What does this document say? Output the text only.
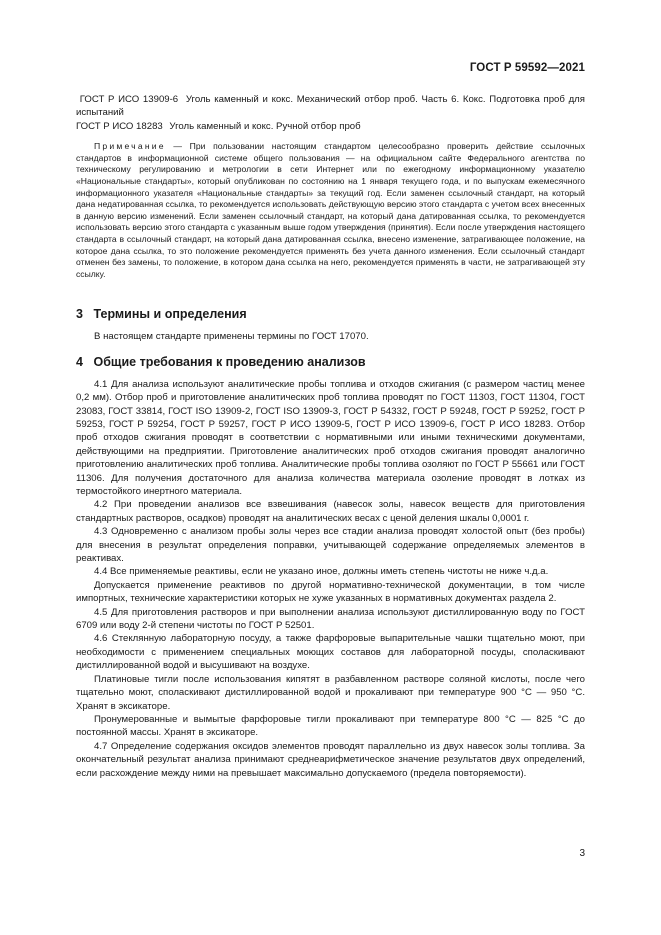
ГОСТ Р 59592—2021

ГОСТ Р ИСО 13909-6 Уголь каменный и кокс. Механический отбор проб. Часть 6. Кокс. Подготовка проб для испытаний

ГОСТ Р ИСО 18283 Уголь каменный и кокс. Ручной отбор проб

Примечание — При пользовании настоящим стандартом целесообразно проверить действие ссылочных стандартов в информационной системе общего пользования — на официальном сайте Федерального агентства по техническому регулированию и метрологии в сети Интернет или по ежегодному информационному указателю «Национальные стандарты», который опубликован по состоянию на 1 января текущего года, и по выпускам ежемесячного информационного указателя «Национальные стандарты» за текущий год. Если заменен ссылочный стандарт, на который дана недатированная ссылка, то рекомендуется использовать действующую версию этого стандарта с учетом всех внесенных в данную версию изменений. Если заменен ссылочный стандарт, на который дана датированная ссылка, то рекомендуется использовать версию этого стандарта с указанным выше годом утверждения (принятия). Если после утверждения настоящего стандарта в ссылочный стандарт, на который дана датированная ссылка, внесено изменение, затрагивающее положение, на которое дана ссылка, то это положение рекомендуется применять без учета данного изменения. Если ссылочный стандарт отменен без замены, то положение, в котором дана ссылка на него, рекомендуется применять в части, не затрагивающей эту ссылку.

3 Термины и определения

В настоящем стандарте применены термины по ГОСТ 17070.

4 Общие требования к проведению анализов

4.1 Для анализа используют аналитические пробы топлива и отходов сжигания (с размером частиц менее 0,2 мм). Отбор проб и приготовление аналитических проб топлива проводят по ГОСТ 11303, ГОСТ 11304, ГОСТ 23083, ГОСТ 33814, ГОСТ ISO 13909-2, ГОСТ ISO 13909-3, ГОСТ Р 54332, ГОСТ Р 59248, ГОСТ Р 59252, ГОСТ Р 59253, ГОСТ Р 59254, ГОСТ Р 59257, ГОСТ Р ИСО 13909-5, ГОСТ Р ИСО 13909-6, ГОСТ Р ИСО 18283. Отбор проб отходов сжигания проводят в соответствии с нормативными или иными техническими документами, действующими на предприятии. Приготовление аналитических проб отходов сжигания проводят аналогично приготовлению аналитических проб топлива. Аналитические пробы топлива озоляют по ГОСТ Р 55661 или ГОСТ 11306. Для получения достаточного для анализа количества материала озоление проводят в лотках из термостойкого инертного материала.

4.2 При проведении анализов все взвешивания (навесок золы, навесок веществ для приготовления стандартных растворов, осадков) проводят на аналитических весах с ценой деления шкалы 0,0001 г.

4.3 Одновременно с анализом пробы золы через все стадии анализа проводят холостой опыт (без пробы) для внесения в результат определения поправки, учитывающей содержание определяемых элементов в реактивах.

4.4 Все применяемые реактивы, если не указано иное, должны иметь степень чистоты не ниже ч.д.а.

Допускается применение реактивов по другой нормативно-технической документации, в том числе импортных, технические характеристики которых не хуже указанных в нормативных документах раздела 2.

4.5 Для приготовления растворов и при выполнении анализа используют дистиллированную воду по ГОСТ 6709 или воду 2-й степени чистоты по ГОСТ Р 52501.

4.6 Стеклянную лабораторную посуду, а также фарфоровые выпарительные чашки тщательно моют, при необходимости с применением специальных моющих составов для лабораторной посуды, споласкивают дистиллированной водой и высушивают на воздухе.

Платиновые тигли после использования кипятят в разбавленном растворе соляной кислоты, после чего тщательно моют, споласкивают дистиллированной водой и прокаливают при температуре 900 °C — 950 °C. Хранят в эксикаторе.

Пронумерованные и вымытые фарфоровые тигли прокаливают при температуре 800 °C — 825 °C до постоянной массы. Хранят в эксикаторе.

4.7 Определение содержания оксидов элементов проводят параллельно из двух навесок золы топлива. За окончательный результат анализа принимают среднеарифметическое значение результатов двух определений, если расхождение между ними на превышает максимально допускаемого (предела повторяемости).

3
